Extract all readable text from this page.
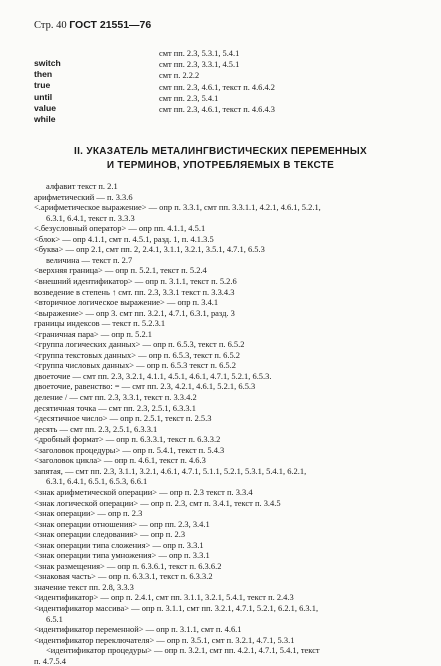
Стр. 40 ГОСТ 21551—76
switch
смт пп. 2.3, 5.3.1, 5.4.1
then
смт пп. 2.3, 3.3.1, 4.5.1
true
смт п. 2.2.2
until
смт пп. 2.3, 4.6.1, текст п. 4.6.4.2
value
смт пп. 2.3, 5.4.1
while
смт пп. 2.3, 4.6.1, текст п. 4.6.4.3
II. УКАЗАТЕЛЬ МЕТАЛИНГВИСТИЧЕСКИХ ПЕРЕМЕННЫХ
И ТЕРМИНОВ, УПОТРЕБЛЯЕМЫХ В ТЕКСТЕ
алфавит текст п. 2.1
арифметический — п. 3.3.6
<.арифметическое выражение> — опр п. 3.3.1, смт пп. 3.3.1.1, 4.2.1, 4.6.1, 5.2.1,
6.3.1, 6.4.1, текст п. 3.3.3
<.безусловный оператор> — опр пп. 4.1.1, 4.5.1
<блок> — опр 4.1.1, смт п. 4.5.1, разд. 1, п. 4.1.3.5
<буква> — опр 2.1, смт пп. 2, 2.4.1, 3.1.1, 3.2.1, 3.5.1, 4.7.1, 6.5.3
величина — текст п. 2.7
<верхняя граница> — опр п. 5.2.1, текст п. 5.2.4
<внешний идентификатор> — опр п. 3.1.1, текст п. 5.2.6
возведение в степень ↑ смт. пп. 2.3, 3.3.1 текст п. 3.3.4.3
<вторичное логическое выражение> — опр п. 3.4.1
<выражение> — опр 3. смт пп. 3.2.1, 4.7.1, 6.3.1, разд. 3
границы индексов — текст п. 5.2.3.1
<граничная пара> — опр п. 5.2.1
<группа логических данных> — опр п. 6.5.3, текст п. 6.5.2
<группа текстовых данных> — опр п. 6.5.3, текст п. 6.5.2
<группа числовых данных> — опр п. 6.5.3 текст п. 6.5.2
двоеточие — смт пп. 2.3, 3.2.1, 4.1.1, 4.5.1, 4.6.1, 4.7.1, 5.2.1, 6.5.3.
двоеточие, равенство: = — смт пп. 2.3, 4.2.1, 4.6.1, 5.2.1, 6.5.3
деление / — смт пп. 2.3, 3.3.1, текст п. 3.3.4.2
десятичная точка — смт пп. 2.3, 2.5.1, 6.3.3.1
<десятичное число> — опр п. 2.5.1, текст п. 2.5.3
десять — смт пп. 2.3, 2.5.1, 6.3.3.1
<дробный формат> — опр п. 6.3.3.1, текст п. 6.3.3.2
<заголовок процедуры> — опр п. 5.4.1, текст п. 5.4.3
<заголовок цикла> — опр п. 4.6.1, текст п. 4.6.3
запятая, — смт пп. 2.3, 3.1.1, 3.2.1, 4.6.1, 4.7.1, 5.1.1, 5.2.1, 5.3.1, 5.4.1, 6.2.1,
6.3.1, 6.4.1, 6.5.1, 6.5.3, 6.6.1
<знак арифметической операции> — опр п. 2.3 текст п. 3.3.4
<знак логической операции> — опр п. 2.3, смт п. 3.4.1, текст п. 3.4.5
<знак операции> — опр п. 2.3
<знак операции отношения> — опр пп. 2.3, 3.4.1
<знак операции следования> — опр п. 2.3
<знак операции типа сложения> — опр п. 3.3.1
<знак операции типа умножения> — опр п. 3.3.1
<знак размещения> — опр п. 6.3.6.1, текст п. 6.3.6.2
<знаковая часть> — опр п. 6.3.3.1, текст п. 6.3.3.2
значение текст пп. 2.8, 3.3.3
<идентификатор> — опр п. 2.4.1, смт пп. 3.1.1, 3.2.1, 5.4.1, текст п. 2.4.3
<идентификатор массива> — опр п. 3.1.1, смт пп. 3.2.1, 4.7.1, 5.2.1, 6.2.1, 6.3.1,
6.5.1
<идентификатор переменной> — опр п. 3.1.1, смт п. 4.6.1
<идентификатор переключателя> — опр п. 3.5.1, смт п. 3.2.1, 4.7.1, 5.3.1
<идентификатор процедуры> — опр п. 3.2.1, смт пп. 4.2.1, 4.7.1, 5.4.1, текст
п. 4.7.5.4
